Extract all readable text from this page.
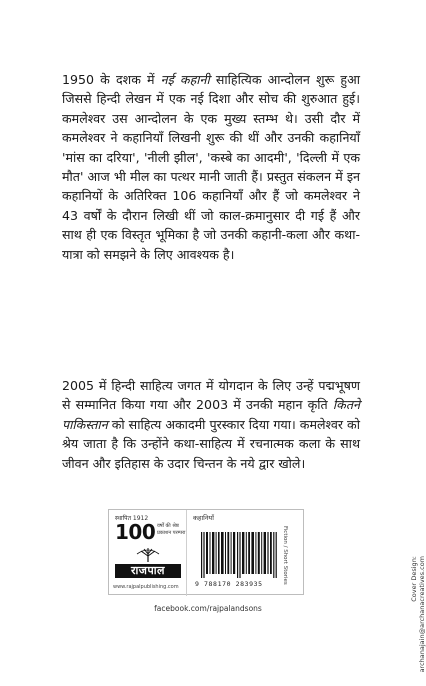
1950 के दशक में नई कहानी साहित्यिक आन्दोलन शुरू हुआ जिससे हिन्दी लेखन में एक नई दिशा और सोच की शुरुआत हुई। कमलेश्वर उस आन्दोलन के एक मुख्य स्तम्भ थे। उसी दौर में कमलेश्वर ने कहानियाँ लिखनी शुरू की थीं और उनकी कहानियाँ 'मांस का दरिया', 'नीली झील', 'कस्बे का आदमी', 'दिल्ली में एक मौत' आज भी मील का पत्थर मानी जाती हैं। प्रस्तुत संकलन में इन कहानियों के अतिरिक्त 106 कहानियाँ और हैं जो कमलेश्वर ने 43 वर्षों के दौरान लिखी थीं जो काल-क्रमानुसार दी गई हैं और साथ ही एक विस्तृत भूमिका है जो उनकी कहानी-कला और कथा-यात्रा को समझने के लिए आवश्यक है।

2005 में हिन्दी साहित्य जगत में योगदान के लिए उन्हें पद्मभूषण से सम्मानित किया गया और 2003 में उनकी महान कृति कितने पाकिस्तान को साहित्य अकादमी पुरस्कार दिया गया। कमलेश्वर को श्रेय जाता है कि उन्होंने कथा-साहित्य में रचनात्मक कला के साथ जीवन और इतिहास के उदार चिन्तन के नये द्वार खोले।

Cover Design: archanajain@archanacreatives.com
स्थापित 1912
100 वर्षों की श्रेष्ठ प्रकाशन परम्परा
राजपाल
www.rajpalpublishing.com
कहानियाँ
Fiction / Short Stories
9 788170 283935
facebook.com/rajpalandsons
